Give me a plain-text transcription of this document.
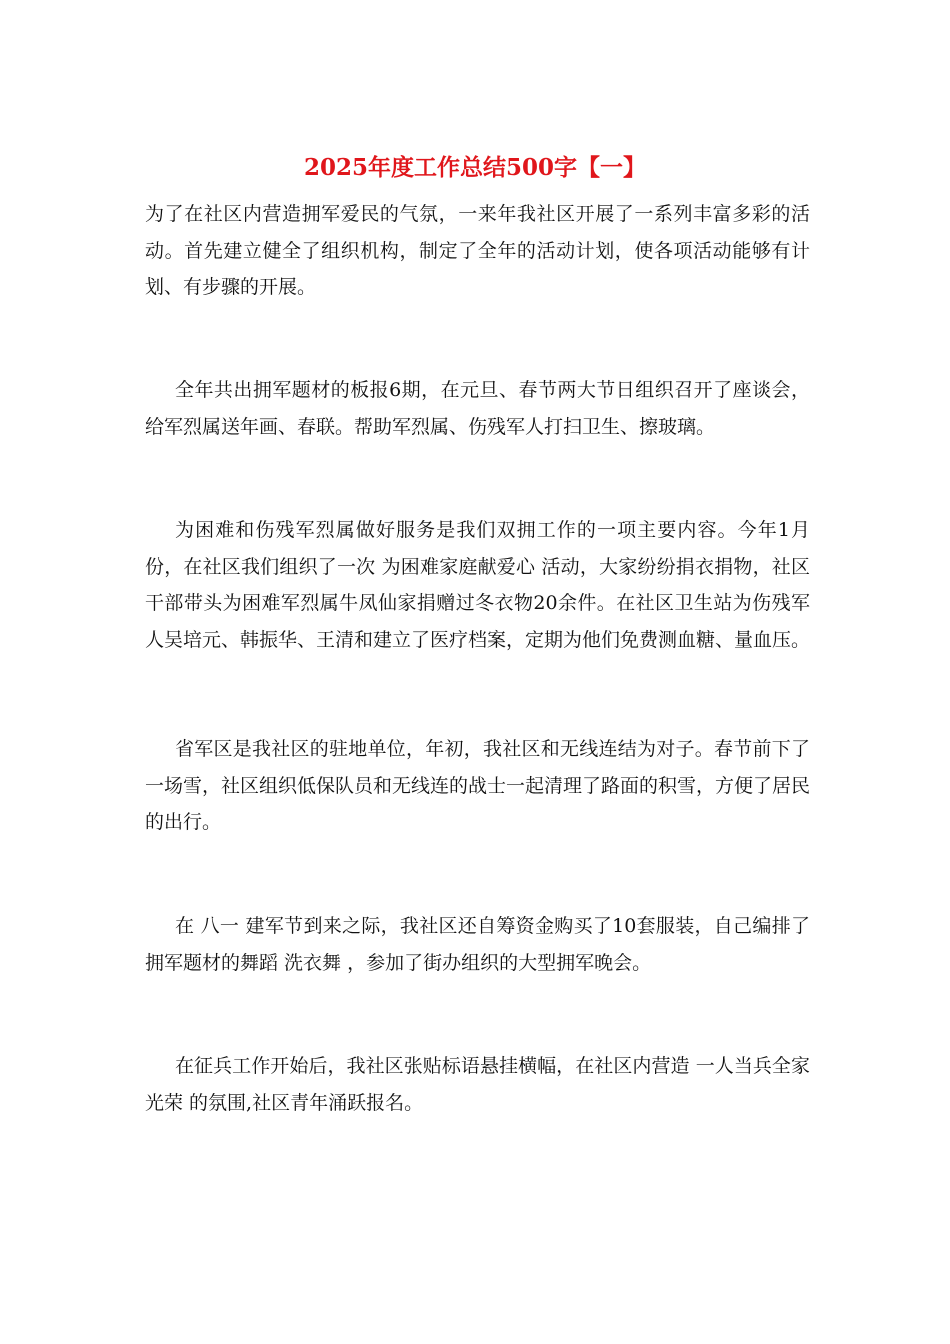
2025年度工作总结500字【一】

为了在社区内营造拥军爱民的气氛，一来年我社区开展了一系列丰富多彩的活动。首先建立健全了组织机构，制定了全年的活动计划，使各项活动能够有计划、有步骤的开展。

全年共出拥军题材的板报6期，在元旦、春节两大节日组织召开了座谈会，给军烈属送年画、春联。帮助军烈属、伤残军人打扫卫生、擦玻璃。

为困难和伤残军烈属做好服务是我们双拥工作的一项主要内容。今年1月份，在社区我们组织了一次 为困难家庭献爱心 活动，大家纷纷捐衣捐物，社区干部带头为困难军烈属牛凤仙家捐赠过冬衣物20余件。在社区卫生站为伤残军人吴培元、韩振华、王清和建立了医疗档案，定期为他们免费测血糖、量血压。

省军区是我社区的驻地单位，年初，我社区和无线连结为对子。春节前下了一场雪，社区组织低保队员和无线连的战士一起清理了路面的积雪，方便了居民的出行。

在 八一 建军节到来之际，我社区还自筹资金购买了10套服装，自己编排了拥军题材的舞蹈 洗衣舞 ，参加了街办组织的大型拥军晚会。

在征兵工作开始后，我社区张贴标语悬挂横幅，在社区内营造 一人当兵全家光荣 的氛围,社区青年涌跃报名。
